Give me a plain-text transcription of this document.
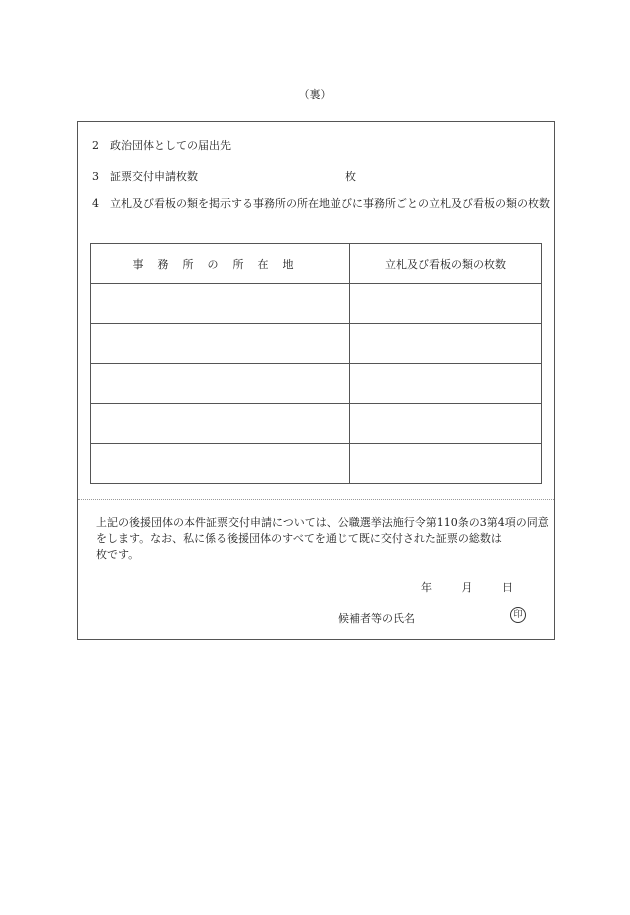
（裏）
2　政治団体としての届出先
3　証票交付申請枚数	枚
4　立札及び看板の類を掲示する事務所の所在地並びに事務所ごとの立札及び看板の類の枚数
事務所の所在地	立札及び看板の類の枚数

上記の後援団体の本件証票交付申請については、公職選挙法施行令第110条の3第4項の同意をします。なお、私に係る後援団体のすべてを通じて既に交付された証票の総数は　　　　枚です。
年 月 日
候補者等の氏名	印
